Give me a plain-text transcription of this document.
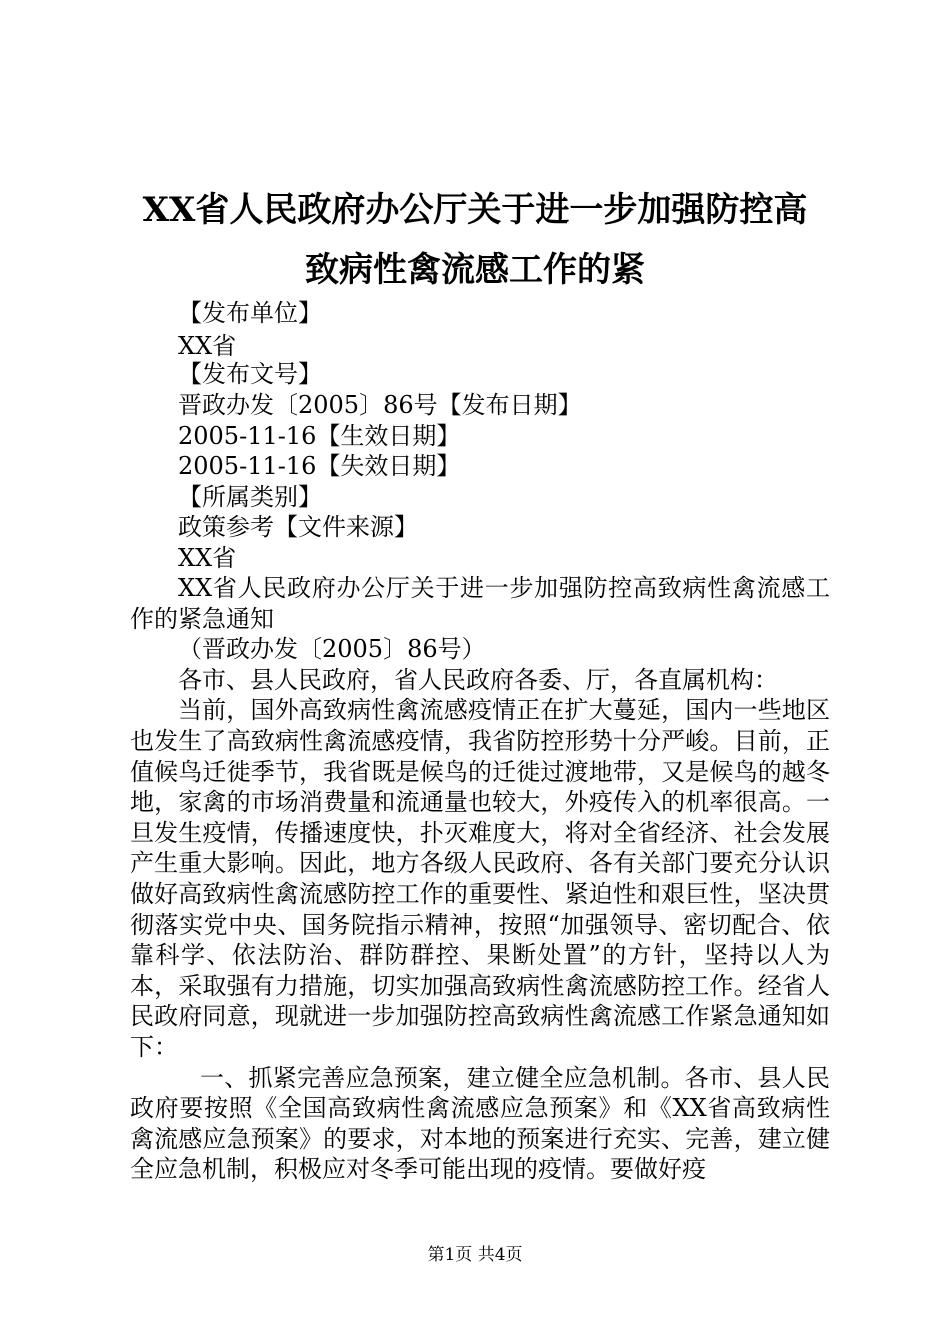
XX省人民政府办公厅关于进一步加强防控高
致病性禽流感工作的紧
【发布单位】
XX省
【发布文号】
晋政办发〔2005〕86号【发布日期】
2005-11-16【生效日期】
2005-11-16【失效日期】
【所属类别】
政策参考【文件来源】
XX省

XX省人民政府办公厅关于进一步加强防控高致病性禽流感工作的紧急通知

（晋政办发〔2005〕86号）

各市、县人民政府，省人民政府各委、厅，各直属机构：

当前，国外高致病性禽流感疫情正在扩大蔓延，国内一些地区也发生了高致病性禽流感疫情，我省防控形势十分严峻。目前，正值候鸟迁徙季节，我省既是候鸟的迁徙过渡地带，又是候鸟的越冬地，家禽的市场消费量和流通量也较大，外疫传入的机率很高。一旦发生疫情，传播速度快，扑灭难度大，将对全省经济、社会发展产生重大影响。因此，地方各级人民政府、各有关部门要充分认识做好高致病性禽流感防控工作的重要性、紧迫性和艰巨性，坚决贯彻落实党中央、国务院指示精神，按照“加强领导、密切配合、依靠科学、依法防治、群防群控、果断处置”的方针，坚持以人为本，采取强有力措施，切实加强高致病性禽流感防控工作。经省人民政府同意，现就进一步加强防控高致病性禽流感工作紧急通知如下：

一、抓紧完善应急预案，建立健全应急机制。各市、县人民政府要按照《全国高致病性禽流感应急预案》和《XX省高致病性禽流感应急预案》的要求，对本地的预案进行充实、完善，建立健全应急机制，积极应对冬季可能出现的疫情。要做好疫

第1页 共4页
